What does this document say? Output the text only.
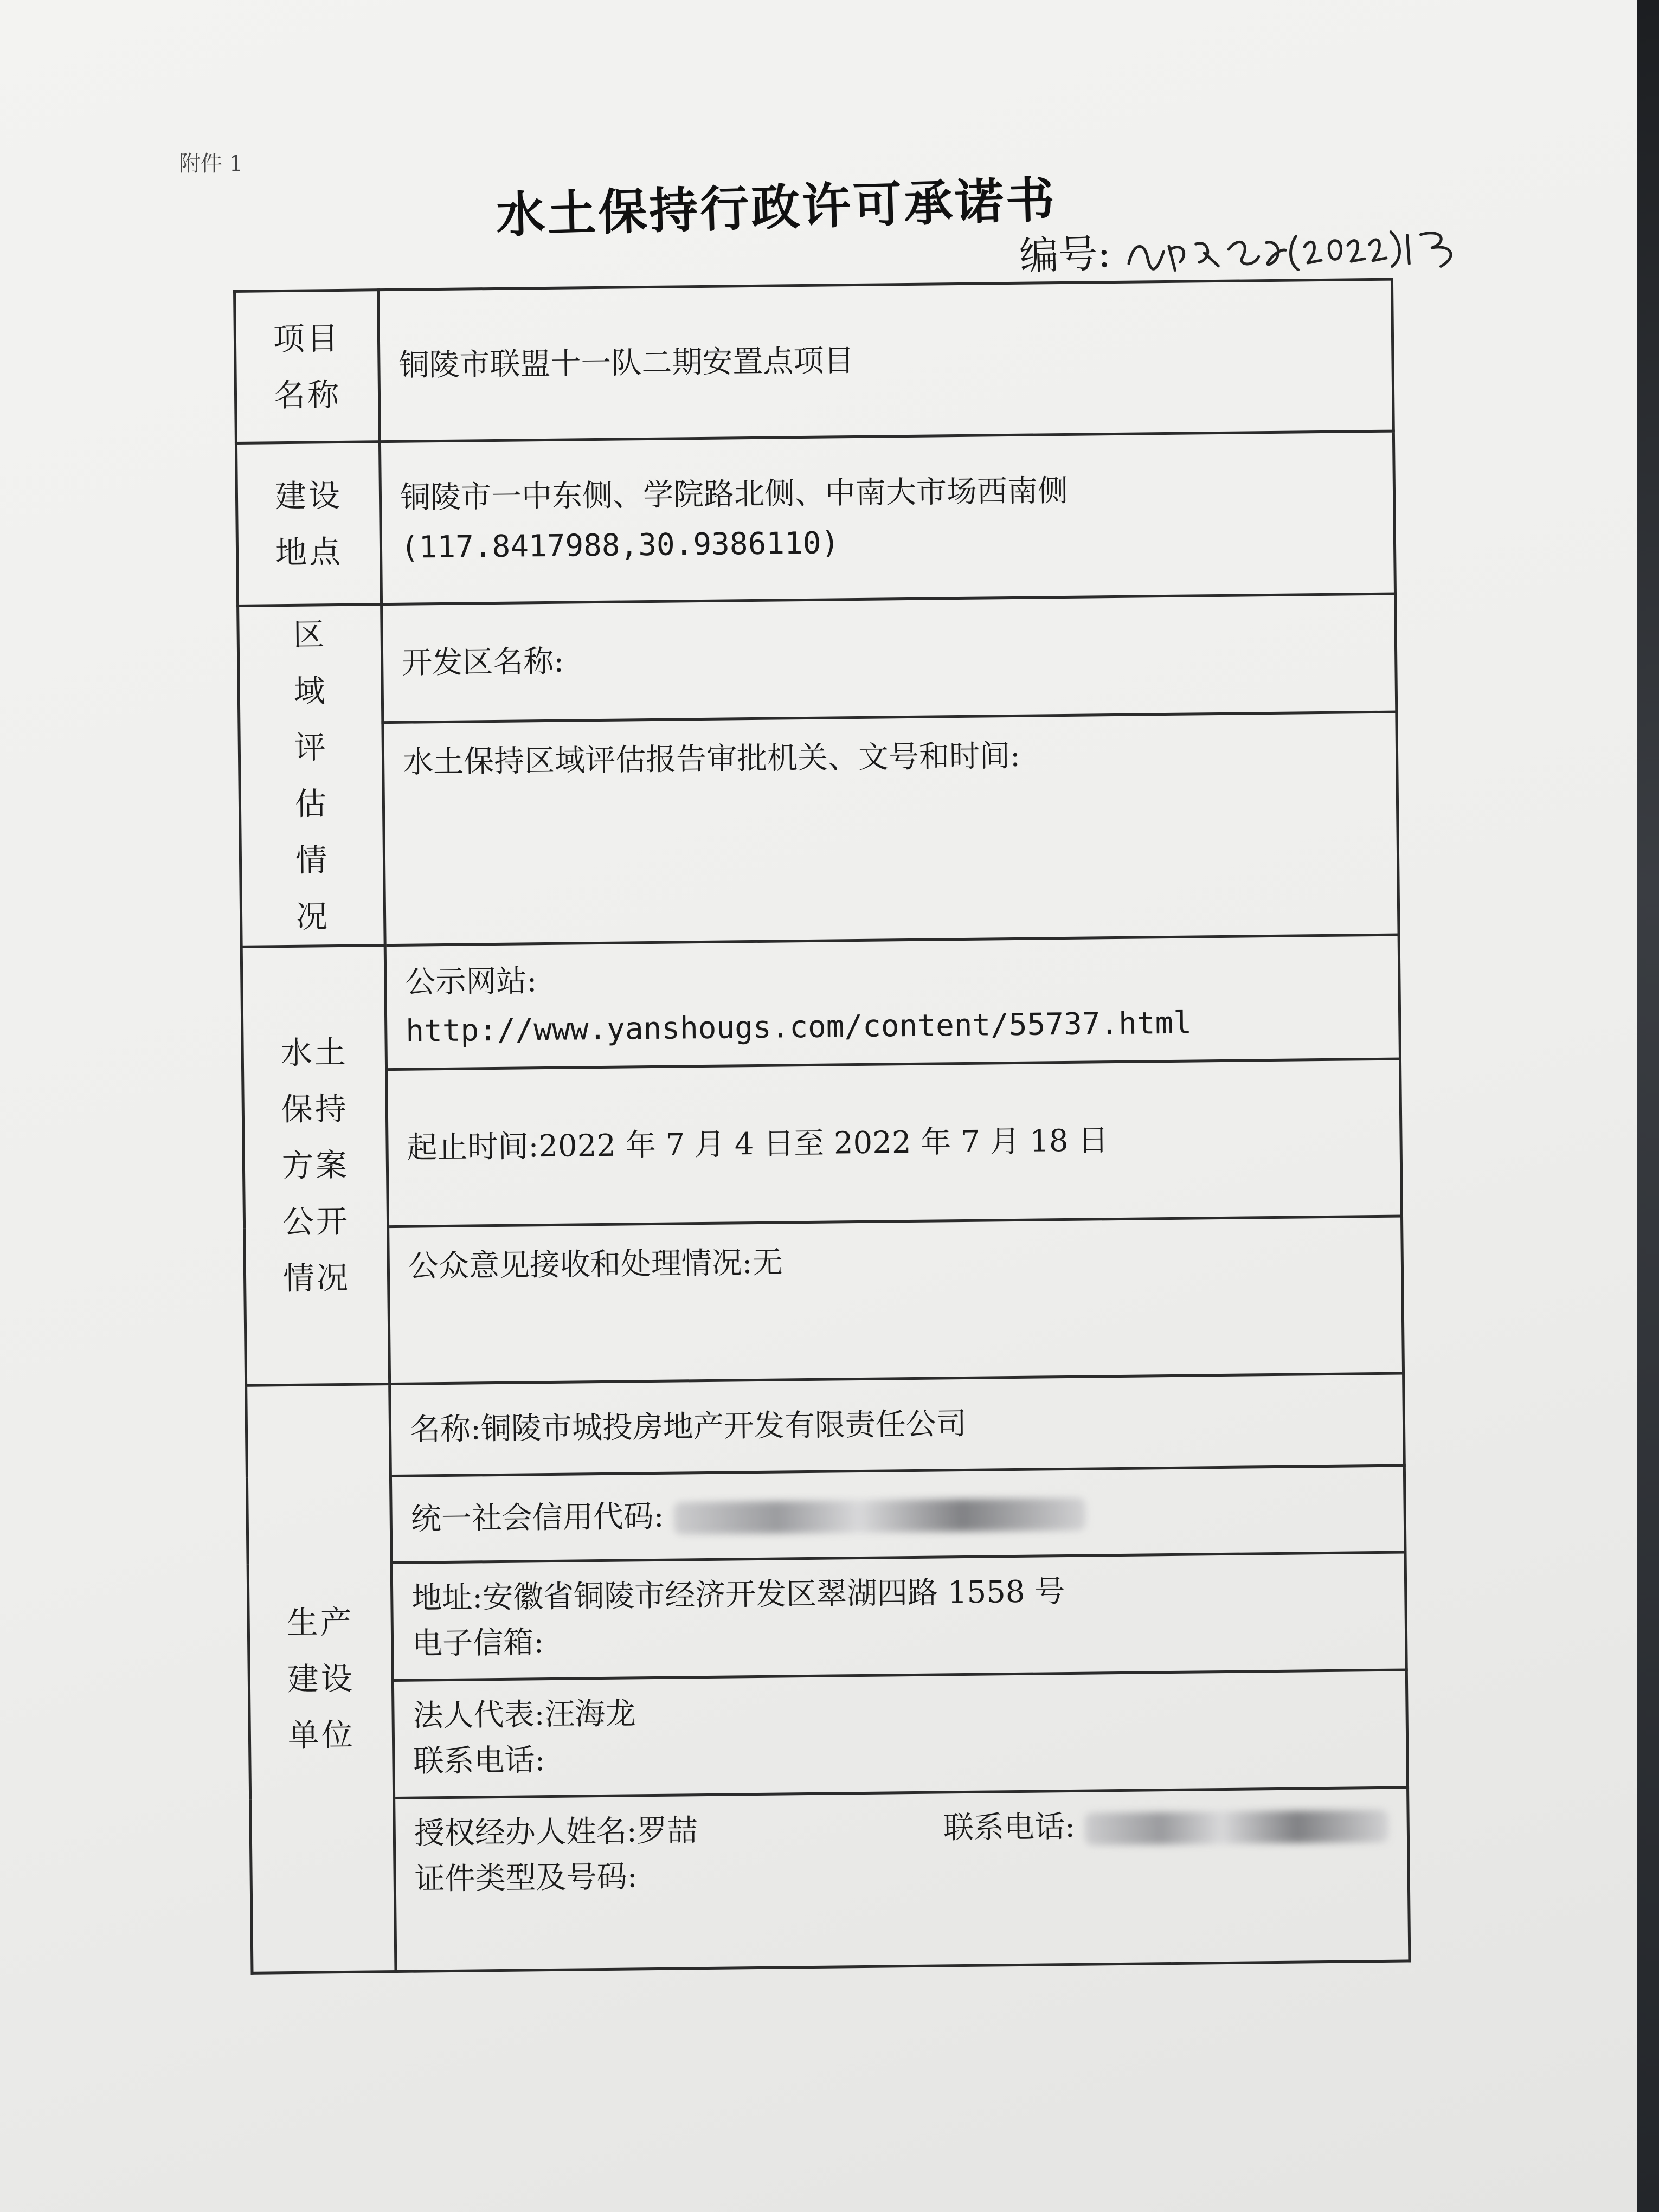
附件 1
水土保持行政许可承诺书
编号:
项目名称	铜陵市联盟十一队二期安置点项目

建设地点	铜陵市一中东侧、学院路北侧、中南大市场西南侧
(117.8417988,30.9386110)

区域评估情况	开发区名称:

	水土保持区域评估报告审批机关、文号和时间:

水土保持方案公开情况	公示网站:
http://www.yanshougs.com/content/55737.html

	起止时间:2022 年 7 月 4 日至 2022 年 7 月 18 日

	公众意见接收和处理情况:无

生产建设单位	名称:铜陵市城投房地产开发有限责任公司

	统一社会信用代码:

	地址:安徽省铜陵市经济开发区翠湖四路 1558 号
电子信箱:

	法人代表:汪海龙
联系电话:

	授权经办人姓名:罗喆 联系电话:
证件类型及号码:
